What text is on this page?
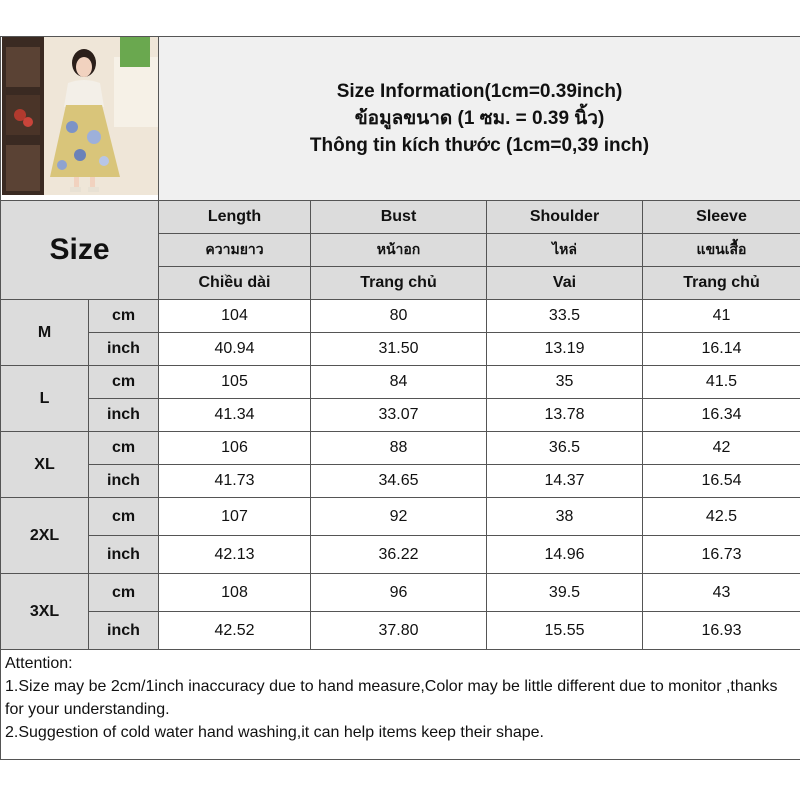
Size Information(1cm=0.39inch)
ข้อมูลขนาด (1 ซม. = 0.39 นิ้ว)
Thông tin kích thước (1cm=0,39 inch)			

Size		Length	Bust	Shoulder	Sleeve
		ความยาว	หน้าอก	ไหล่	แขนเสื้อ
		Chiều dài	Trang chủ	Vai	Trang chủ
M	cm	104	80	33.5	41
	inch	40.94	31.50	13.19	16.14
L	cm	105	84	35	41.5
	inch	41.34	33.07	13.78	16.34
XL	cm	106	88	36.5	42
	inch	41.73	34.65	14.37	16.54
2XL	cm	107	92	38	42.5
	inch	42.13	36.22	14.96	16.73
3XL	cm	108	96	39.5	43
	inch	42.52	37.80	15.55	16.93

Attention:
1.Size may be 2cm/1inch inaccuracy due to hand measure,Color may be little different due to monitor ,thanks for your understanding.
2.Suggestion of cold water hand washing,it can help items keep their shape.					
